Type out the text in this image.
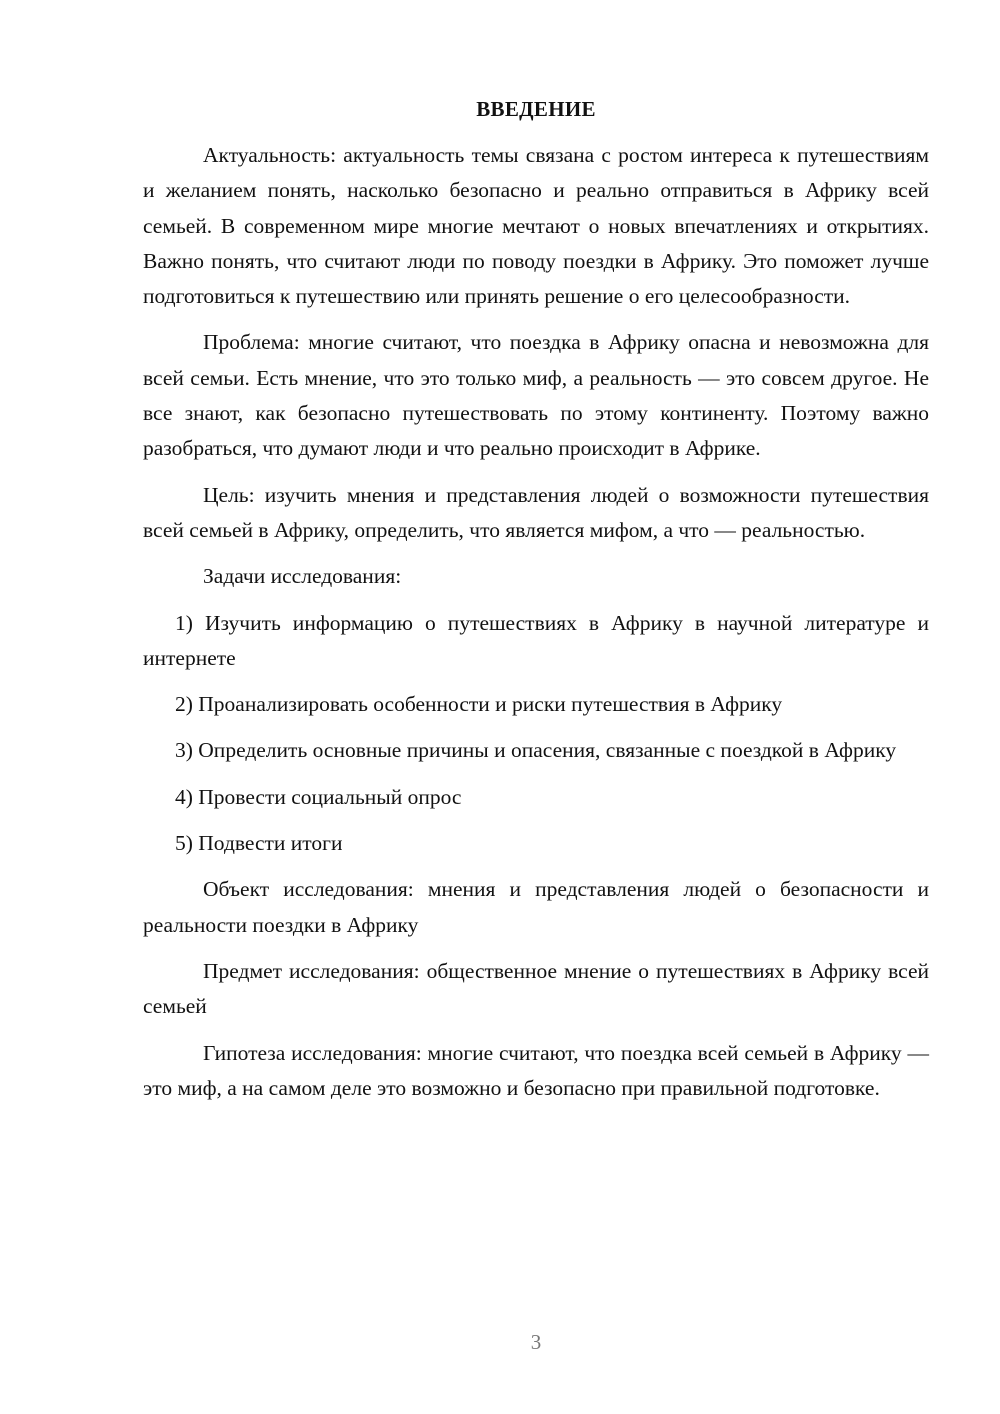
ВВЕДЕНИЕ

Актуальность: актуальность темы связана с ростом интереса к путешествиям и желанием понять, насколько безопасно и реально отправиться в Африку всей семьей. В современном мире многие мечтают о новых впечатлениях и открытиях. Важно понять, что считают люди по поводу поездки в Африку. Это поможет лучше подготовиться к путешествию или принять решение о его целесообразности.

Проблема: многие считают, что поездка в Африку опасна и невозможна для всей семьи. Есть мнение, что это только миф, а реальность — это совсем другое. Не все знают, как безопасно путешествовать по этому континенту. Поэтому важно разобраться, что думают люди и что реально происходит в Африке.

Цель: изучить мнения и представления людей о возможности путешествия всей семьей в Африку, определить, что является мифом, а что — реальностью.

Задачи исследования:

1) Изучить информацию о путешествиях в Африку в научной литературе и интернете

2) Проанализировать особенности и риски путешествия в Африку

3) Определить основные причины и опасения, связанные с поездкой в Африку

4) Провести социальный опрос

5) Подвести итоги

Объект исследования: мнения и представления людей о безопасности и реальности поездки в Африку

Предмет исследования: общественное мнение о путешествиях в Африку всей семьей

Гипотеза исследования: многие считают, что поездка всей семьей в Африку — это миф, а на самом деле это возможно и безопасно при правильной подготовке.

3
